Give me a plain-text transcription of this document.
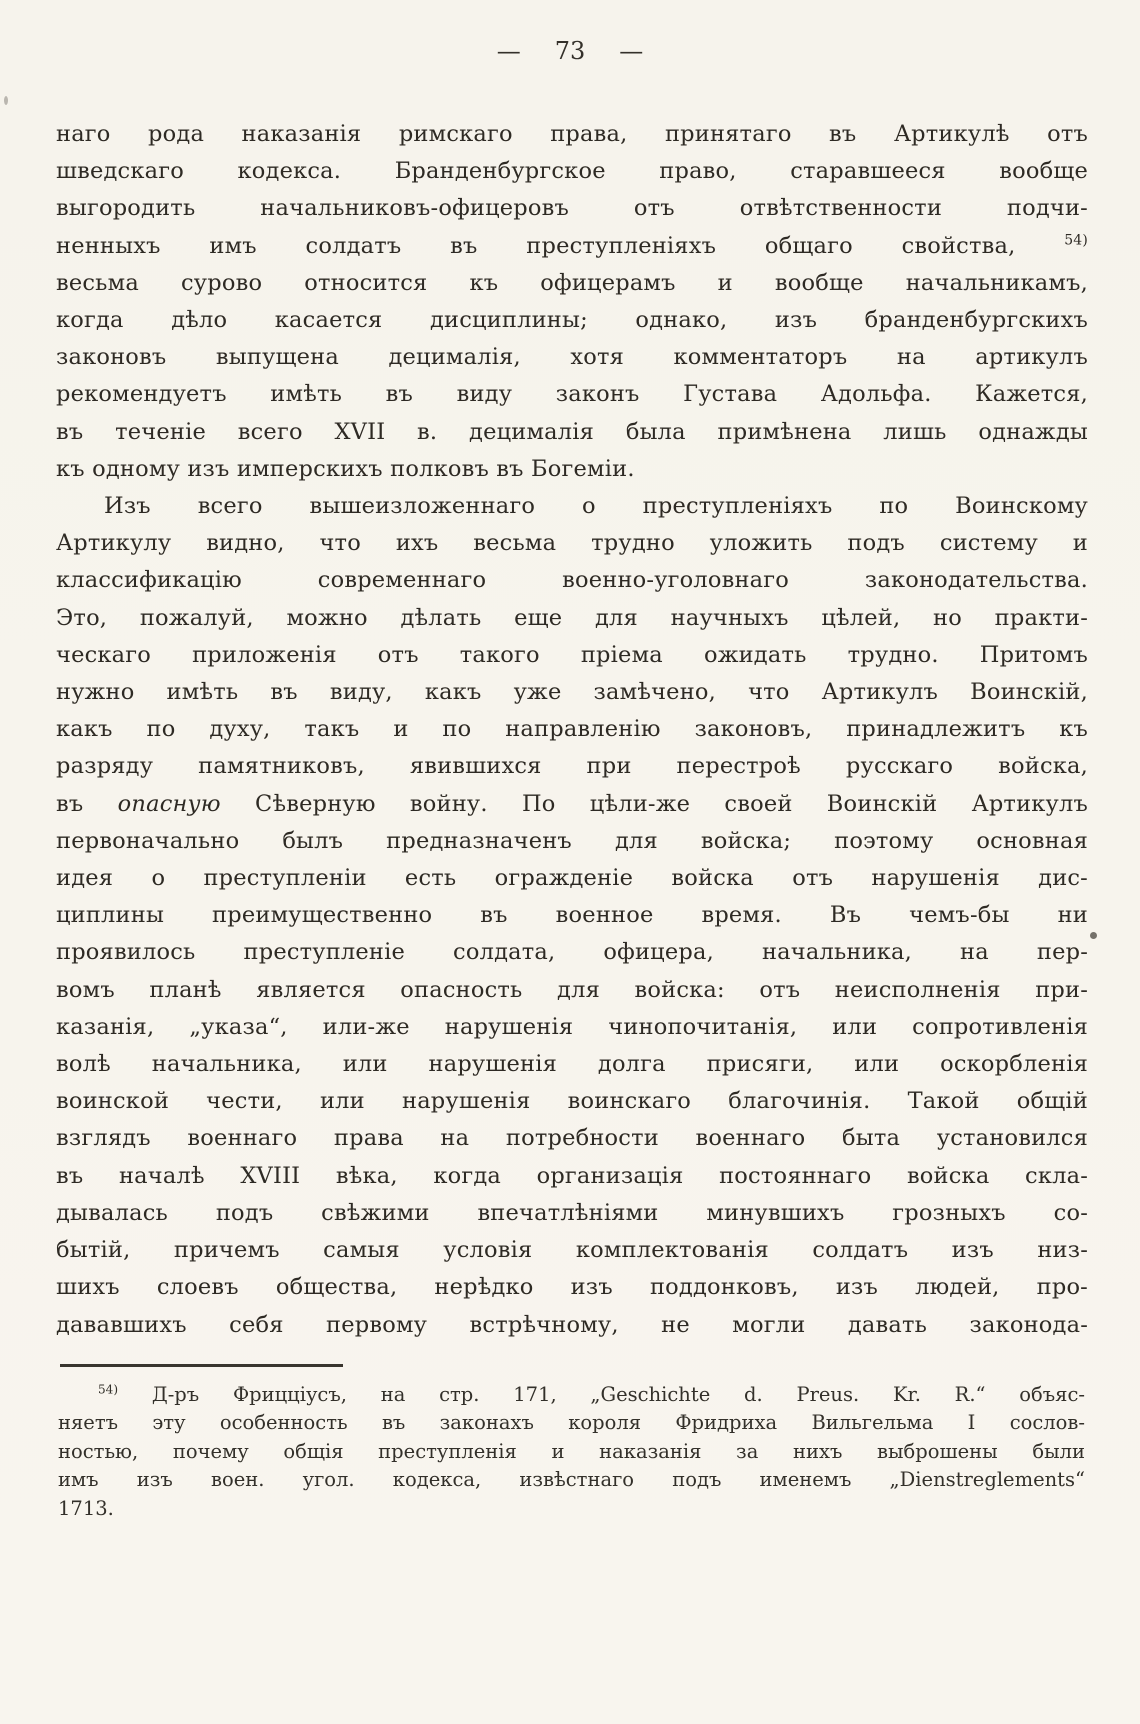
— 73 —
наго рода наказанія римскаго права, принятаго въ Артикулѣ отъ
шведскаго кодекса. Бранденбургское право, старавшееся вообще
выгородить начальниковъ-офицеровъ отъ отвѣтственности подчи-
ненныхъ имъ солдатъ въ преступленіяхъ общаго свойства, $^{54)}$
весьма сурово относится къ офицерамъ и вообще начальникамъ,
когда дѣло касается дисциплины; однако, изъ бранденбургскихъ
законовъ выпущена децималія, хотя комментаторъ на артикулъ
рекомендуетъ имѣть въ виду законъ Густава Адольфа. Кажется,
въ теченіе всего XVII в. децималія была примѣнена лишь однажды
къ одному изъ имперскихъ полковъ въ Богеміи.
Изъ всего вышеизложеннаго о преступленіяхъ по Воинскому
Артикулу видно, что ихъ весьма трудно уложить подъ систему и
классификацію современнаго военно-уголовнаго законодательства.
Это, пожалуй, можно дѣлать еще для научныхъ цѣлей, но практи-
ческаго приложенія отъ такого пріема ожидать трудно. Притомъ
нужно имѣть въ виду, какъ уже замѣчено, что Артикулъ Воинскій,
какъ по духу, такъ и по направленію законовъ, принадлежитъ къ
разряду памятниковъ, явившихся при перестроѣ русскаго войска,
въ опасную Сѣверную войну. По цѣли-же своей Воинскій Артикулъ
первоначально былъ предназначенъ для войска; поэтому основная
идея о преступленіи есть огражденіе войска отъ нарушенія дис-
циплины преимущественно въ военное время. Въ чемъ-бы ни
проявилось преступленіе солдата, офицера, начальника, на пер-
вомъ планѣ является опасность для войска: отъ неисполненія при-
казанія, „указа“, или-же нарушенія чинопочитанія, или сопротивленія
волѣ начальника, или нарушенія долга присяги, или оскорбленія
воинской чести, или нарушенія воинскаго благочинія. Такой общій
взглядъ военнаго права на потребности военнаго быта установился
въ началѣ XVIII вѣка, когда организація постояннаго войска скла-
дывалась подъ свѣжими впечатлѣніями минувшихъ грозныхъ со-
бытій, причемъ самыя условія комплектованія солдатъ изъ низ-
шихъ слоевъ общества, нерѣдко изъ поддонковъ, изъ людей, про-
дававшихъ себя первому встрѣчному, не могли давать законода-
$^{54)}$ Д-ръ Фрицціусъ, на стр. 171, „Geschichte d. Preus. Kr. R.“ объяс-
няетъ эту особенность въ законахъ короля Фридриха Вильгельма I сослов-
ностью, почему общія преступленія и наказанія за нихъ выброшены были
имъ изъ воен. угол. кодекса, извѣстнаго подъ именемъ „Dienstreglements“
1713.
